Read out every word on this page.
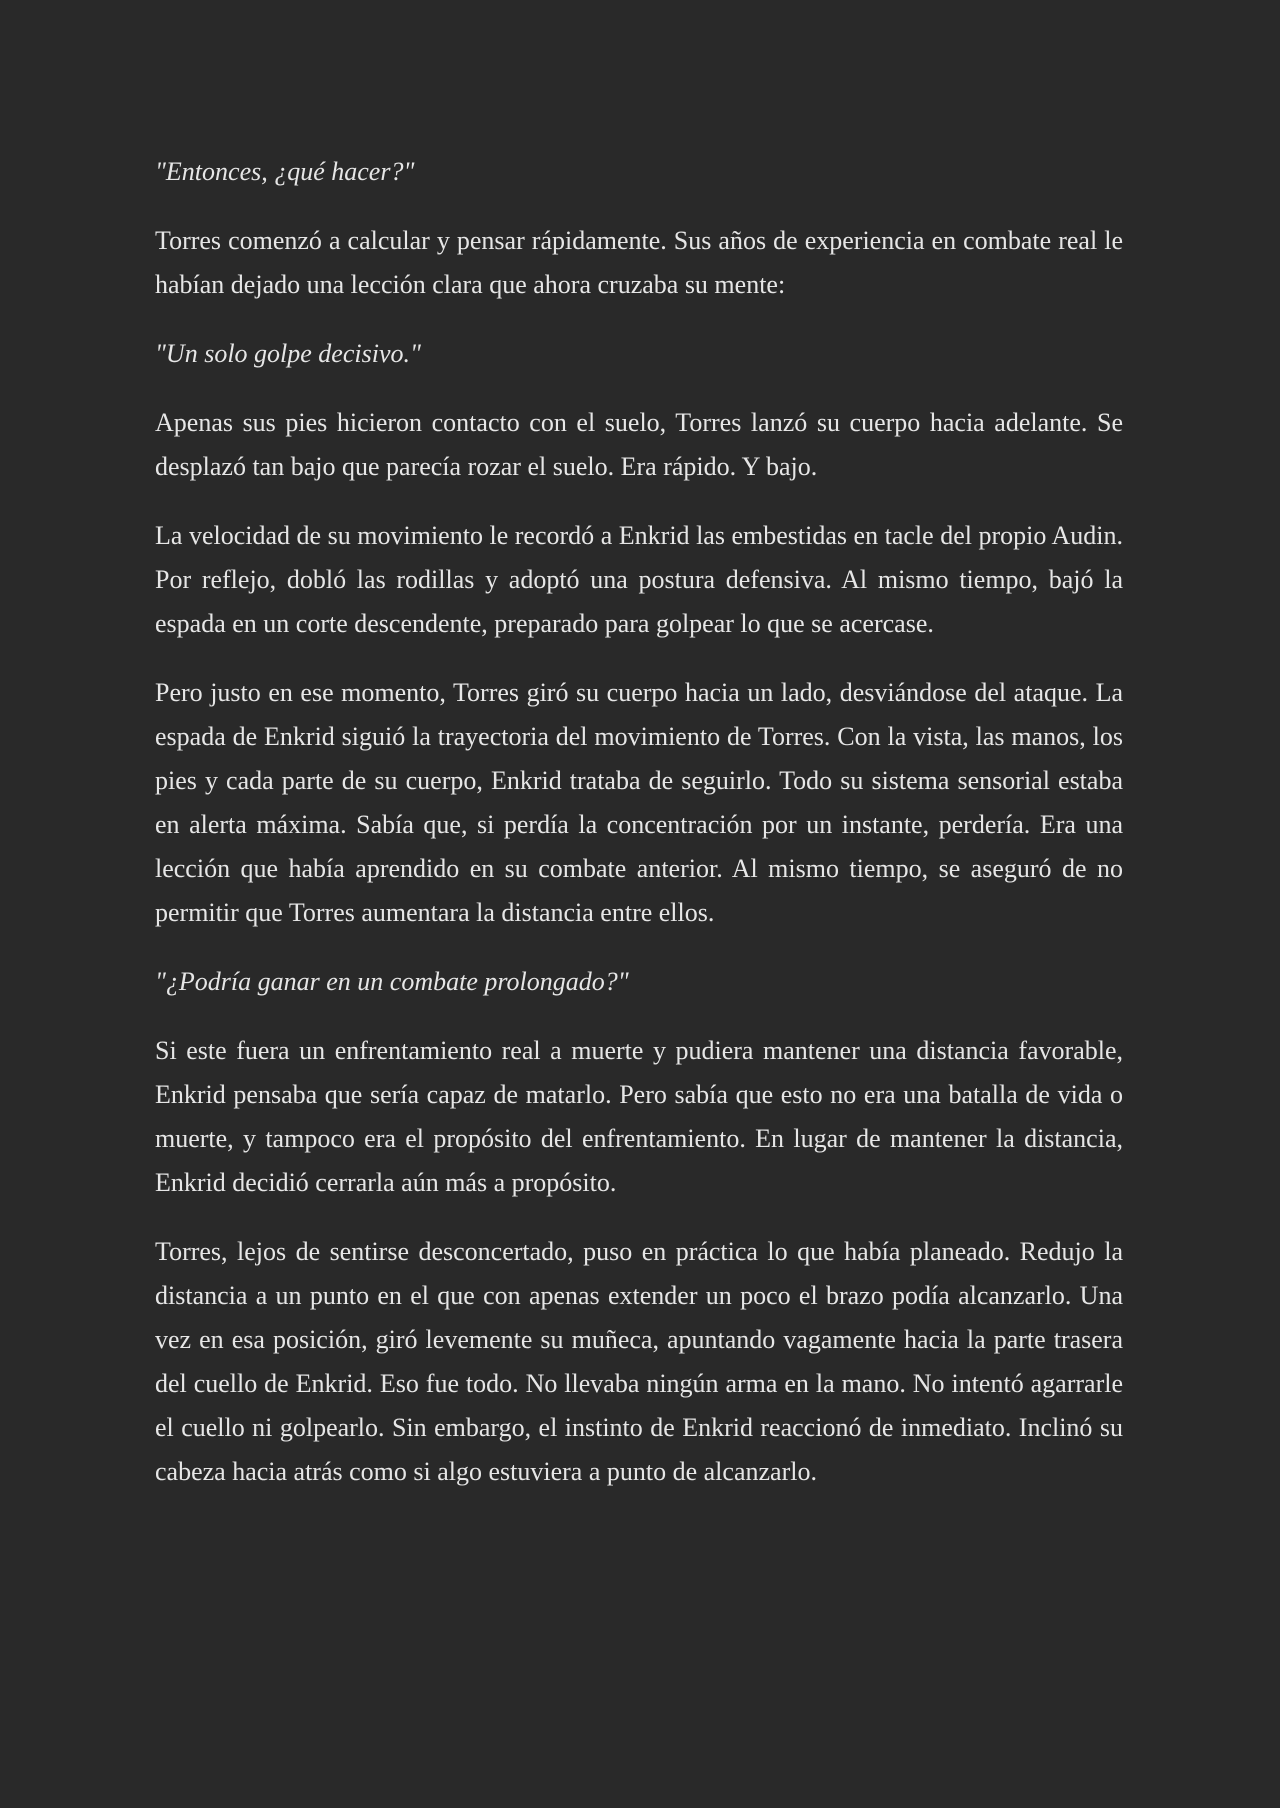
"Entonces, ¿qué hacer?"

Torres comenzó a calcular y pensar rápidamente. Sus años de experiencia en combate real le habían dejado una lección clara que ahora cruzaba su mente:

"Un solo golpe decisivo."

Apenas sus pies hicieron contacto con el suelo, Torres lanzó su cuerpo hacia adelante. Se desplazó tan bajo que parecía rozar el suelo. Era rápido. Y bajo.

La velocidad de su movimiento le recordó a Enkrid las embestidas en tacle del propio Audin. Por reflejo, dobló las rodillas y adoptó una postura defensiva. Al mismo tiempo, bajó la espada en un corte descendente, preparado para golpear lo que se acercase.

Pero justo en ese momento, Torres giró su cuerpo hacia un lado, desviándose del ataque. La espada de Enkrid siguió la trayectoria del movimiento de Torres. Con la vista, las manos, los pies y cada parte de su cuerpo, Enkrid trataba de seguirlo. Todo su sistema sensorial estaba en alerta máxima. Sabía que, si perdía la concentración por un instante, perdería. Era una lección que había aprendido en su combate anterior. Al mismo tiempo, se aseguró de no permitir que Torres aumentara la distancia entre ellos.

"¿Podría ganar en un combate prolongado?"

Si este fuera un enfrentamiento real a muerte y pudiera mantener una distancia favorable, Enkrid pensaba que sería capaz de matarlo. Pero sabía que esto no era una batalla de vida o muerte, y tampoco era el propósito del enfrentamiento. En lugar de mantener la distancia, Enkrid decidió cerrarla aún más a propósito.

Torres, lejos de sentirse desconcertado, puso en práctica lo que había planeado. Redujo la distancia a un punto en el que con apenas extender un poco el brazo podía alcanzarlo. Una vez en esa posición, giró levemente su muñeca, apuntando vagamente hacia la parte trasera del cuello de Enkrid. Eso fue todo. No llevaba ningún arma en la mano. No intentó agarrarle el cuello ni golpearlo. Sin embargo, el instinto de Enkrid reaccionó de inmediato. Inclinó su cabeza hacia atrás como si algo estuviera a punto de alcanzarlo.
